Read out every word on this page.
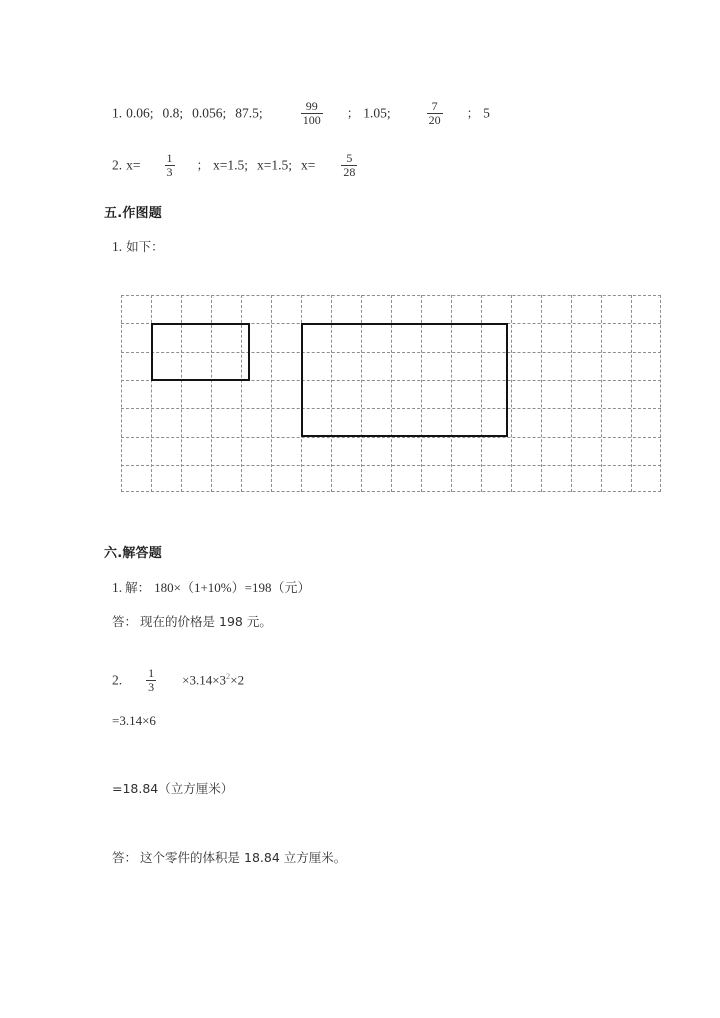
1. 0.06; 0.8; 0.056; 87.5;	$\frac{99}{100}$ ； 1.05;	$\frac{7}{20}$ ； 5
2. $x= \frac{1}{3}$ ； x=1.5; x=1.5; $x= \frac{5}{28}$
五.作图题
1. 如下：
六.解答题
1. 解： 180×（1+10%）=198（元）
答： 现在的价格是 198 元。
2. $\frac{1}{3} \times 3.14\times 3^2\times 2$
=3.14×6
=18.84（立方厘米）
答： 这个零件的体积是 18.84 立方厘米。
